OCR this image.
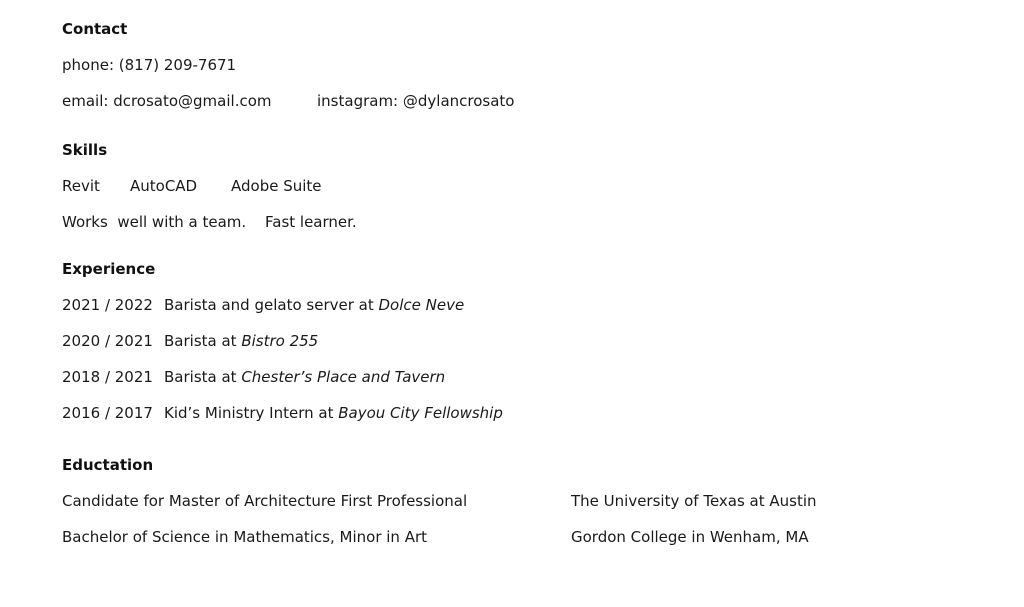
Contact
phone: (817) 209-7671
email: dcrosato@gmail.com	instagram: @dylancrosato
Skills
Revit AutoCAD Adobe Suite
Works  well with a team. Fast learner.
Experience
2021 / 2022 Barista and gelato server at Dolce Neve
2020 / 2021 Barista at Bistro 255
2018 / 2021 Barista at Chester’s Place and Tavern
2016 / 2017 Kid’s Ministry Intern at Bayou City Fellowship
Eductation
Candidate for Master of Architecture First Professional	The University of Texas at Austin
Bachelor of Science in Mathematics, Minor in Art	Gordon College in Wenham, MA
